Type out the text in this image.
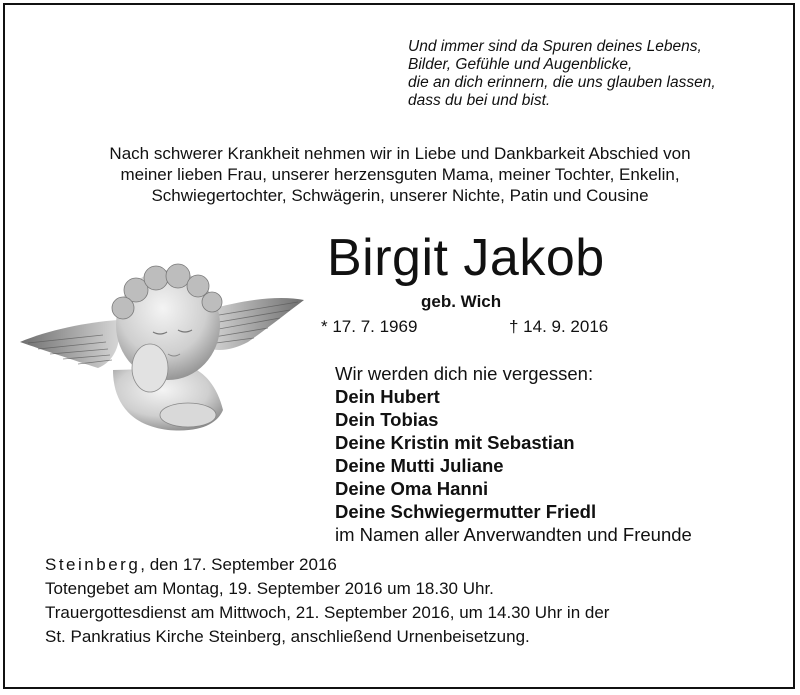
Und immer sind da Spuren deines Lebens,
Bilder, Gefühle und Augenblicke,
die an dich erinnern, die uns glauben lassen,
dass du bei und bist.
Nach schwerer Krankheit nehmen wir in Liebe und Dankbarkeit Abschied von
meiner lieben Frau, unserer herzensguten Mama, meiner Tochter, Enkelin,
Schwiegertochter, Schwägerin, unserer Nichte, Patin und Cousine
Birgit Jakob
geb. Wich
* 17. 7. 1969	† 14. 9. 2016
Wir werden dich nie vergessen:
Dein Hubert
Dein Tobias
Deine Kristin mit Sebastian
Deine Mutti Juliane
Deine Oma Hanni
Deine Schwiegermutter Friedl
im Namen aller Anverwandten und Freunde
Steinberg, den 17. September 2016
Totengebet am Montag, 19. September 2016 um 18.30 Uhr.
Trauergottesdienst am Mittwoch, 21. September 2016, um 14.30 Uhr in der
St. Pankratius Kirche Steinberg, anschließend Urnenbeisetzung.
